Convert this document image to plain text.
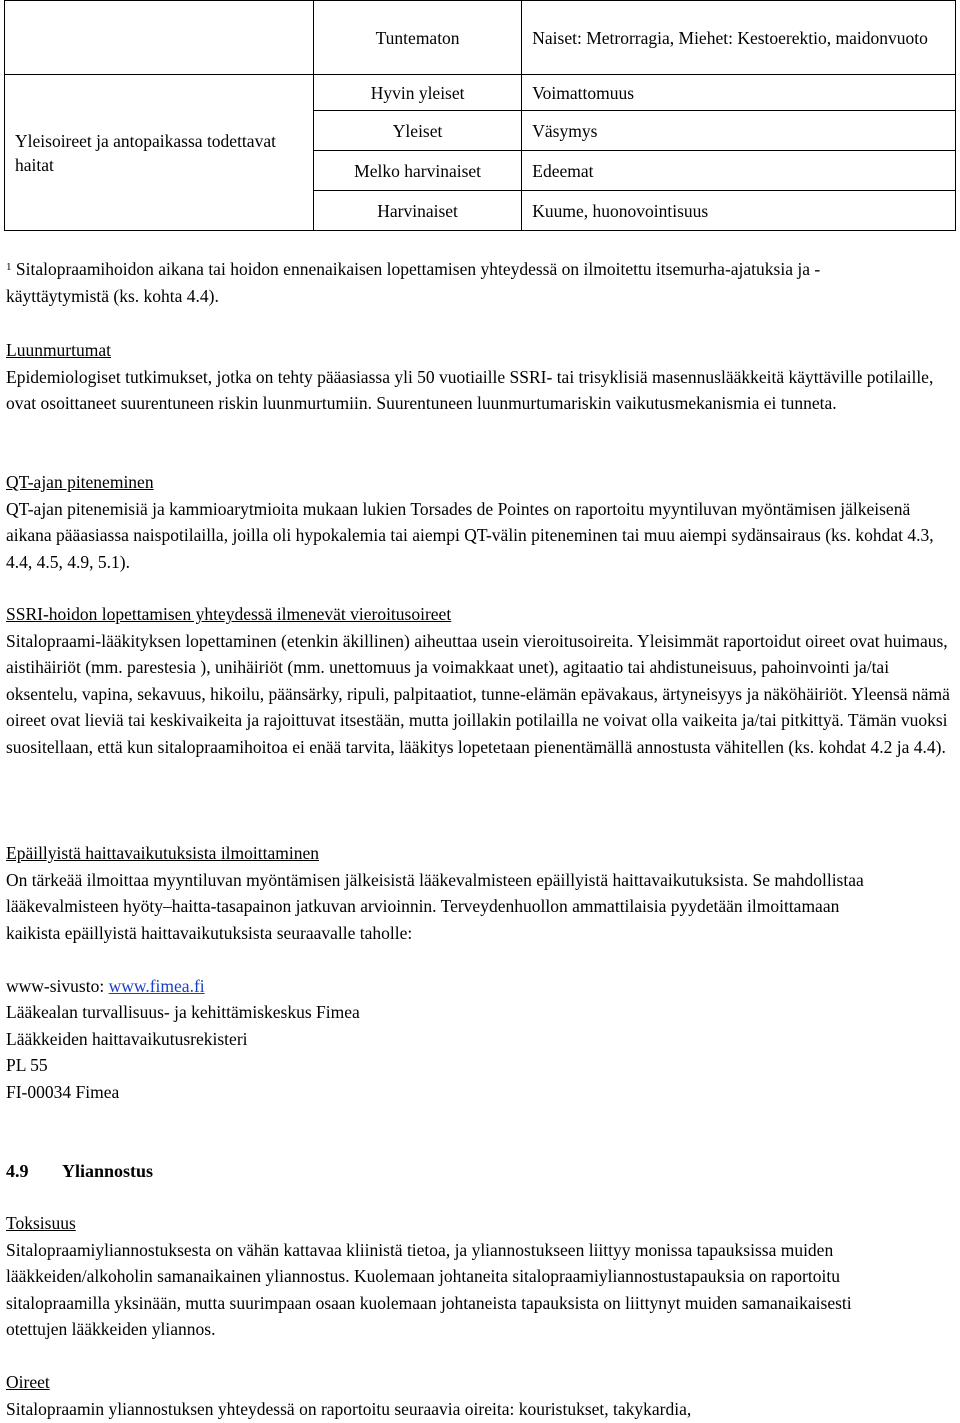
	Tuntematon	Naiset: Metrorragia, Miehet: Kestoerektio, maidonvuoto
Yleisoireet ja antopaikassa todettavat haitat	Hyvin yleiset	Voimattomuus
	Yleiset	Väsymys
	Melko harvinaiset	Edeemat
	Harvinaiset	Kuume, huonovointisuus

$^1$ Sitalopraamihoidon aikana tai hoidon ennenaikaisen lopettamisen yhteydessä on ilmoitettu itsemurha-ajatuksia ja -käyttäytymistä (ks. kohta 4.4).

Luunmurtumat

Epidemiologiset tutkimukset, jotka on tehty pääasiassa yli 50 vuotiaille SSRI- tai trisyklisiä masennuslääkkeitä käyttäville potilaille, ovat osoittaneet suurentuneen riskin luunmurtumiin. Suurentuneen luunmurtumariskin vaikutusmekanismia ei tunneta.

QT-ajan piteneminen

QT-ajan pitenemisiä ja kammioarytmioita mukaan lukien Torsades de Pointes on raportoitu myyntiluvan myöntämisen jälkeisenä aikana pääasiassa naispotilailla, joilla oli hypokalemia tai aiempi QT-välin piteneminen tai muu aiempi sydänsairaus (ks. kohdat 4.3, 4.4, 4.5, 4.9, 5.1).

SSRI-hoidon lopettamisen yhteydessä ilmenevät vieroitusoireet

Sitalopraami-lääkityksen lopettaminen (etenkin äkillinen) aiheuttaa usein vieroitusoireita. Yleisimmät raportoidut oireet ovat huimaus, aistihäiriöt (mm. parestesia ), unihäiriöt (mm. unettomuus ja voimakkaat unet), agitaatio tai ahdistuneisuus, pahoinvointi ja/tai oksentelu, vapina, sekavuus, hikoilu, päänsärky, ripuli, palpitaatiot, tunne-elämän epävakaus, ärtyneisyys ja näköhäiriöt. Yleensä nämä oireet ovat lieviä tai keskivaikeita ja rajoittuvat itsestään, mutta joillakin potilailla ne voivat olla vaikeita ja/tai pitkittyä. Tämän vuoksi suositellaan, että kun sitalopraamihoitoa ei enää tarvita, lääkitys lopetetaan pienentämällä annostusta vähitellen (ks. kohdat 4.2 ja 4.4).

Epäillyistä haittavaikutuksista ilmoittaminen

On tärkeää ilmoittaa myyntiluvan myöntämisen jälkeisistä lääkevalmisteen epäillyistä haittavaikutuksista. Se mahdollistaa lääkevalmisteen hyöty–haitta-tasapainon jatkuvan arvioinnin. Terveydenhuollon ammattilaisia pyydetään ilmoittamaan kaikista epäillyistä haittavaikutuksista seuraavalle taholle:

www-sivusto: www.fimea.fi

Lääkealan turvallisuus- ja kehittämiskeskus Fimea

Lääkkeiden haittavaikutusrekisteri

PL 55

FI-00034 Fimea

4.9 Yliannostus

Toksisuus

Sitalopraamiyliannostuksesta on vähän kattavaa kliinistä tietoa, ja yliannostukseen liittyy monissa tapauksissa muiden lääkkeiden/alkoholin samanaikainen yliannostus. Kuolemaan johtaneita sitalopraamiyliannostustapauksia on raportoitu sitalopraamilla yksinään, mutta suurimpaan osaan kuolemaan johtaneista tapauksista on liittynyt muiden samanaikaisesti otettujen lääkkeiden yliannos.

Oireet

Sitalopraamin yliannostuksen yhteydessä on raportoitu seuraavia oireita: kouristukset, takykardia,
